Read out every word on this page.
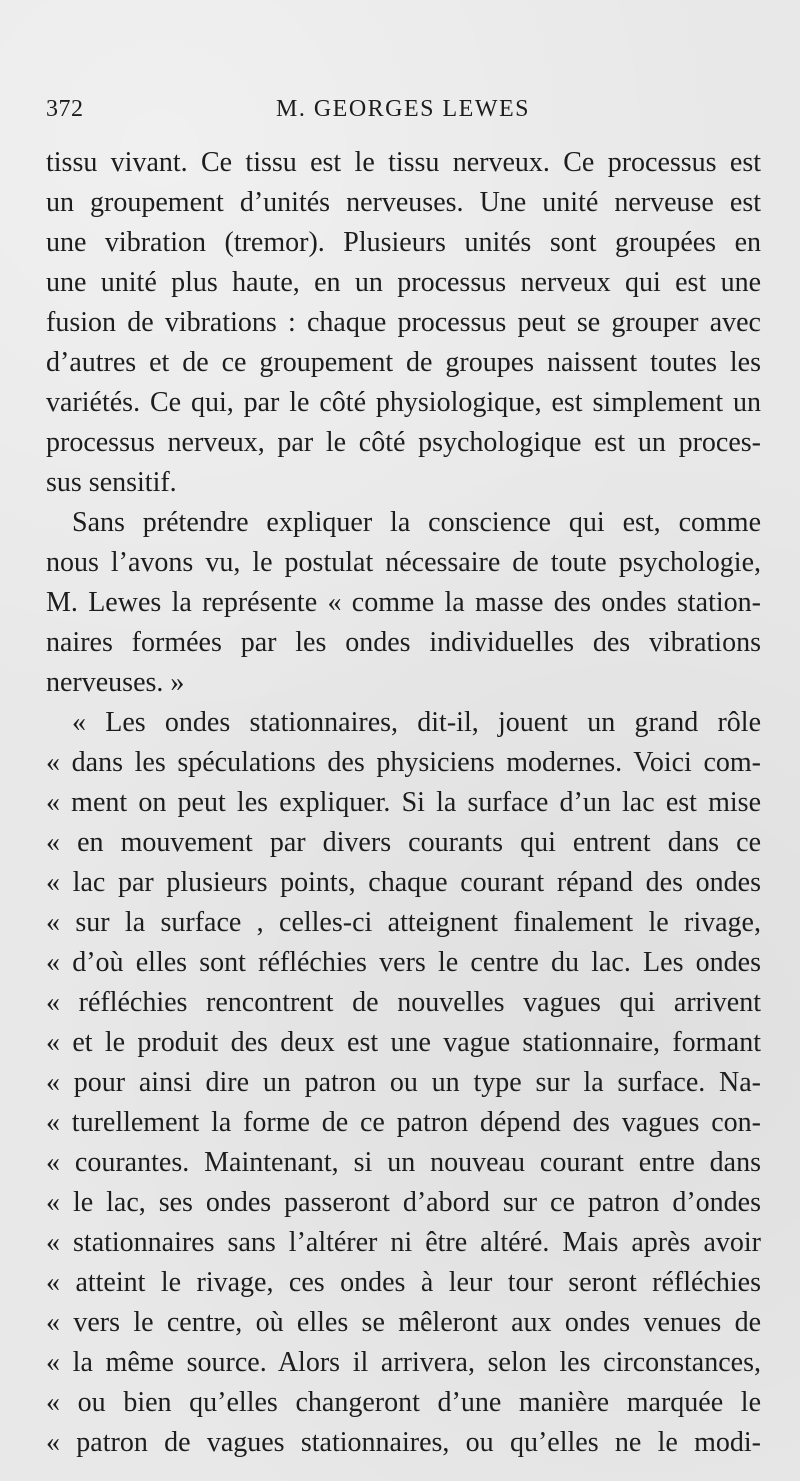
372	M. GEORGES LEWES
tissu vivant. Ce tissu est le tissu nerveux. Ce processus est
un groupement d’unités nerveuses. Une unité nerveuse est
une vibration (tremor). Plusieurs unités sont groupées en
une unité plus haute, en un processus nerveux qui est une
fusion de vibrations : chaque processus peut se grouper avec
d’autres et de ce groupement de groupes naissent toutes les
variétés. Ce qui, par le côté physiologique, est simplement un
processus nerveux, par le côté psychologique est un proces-
sus sensitif.
Sans prétendre expliquer la conscience qui est, comme
nous l’avons vu, le postulat nécessaire de toute psychologie,
M. Lewes la représente « comme la masse des ondes station-
naires formées par les ondes individuelles des vibrations
nerveuses. »
« Les ondes stationnaires, dit-il, jouent un grand rôle
« dans les spéculations des physiciens modernes. Voici com-
« ment on peut les expliquer. Si la surface d’un lac est mise
« en mouvement par divers courants qui entrent dans ce
« lac par plusieurs points, chaque courant répand des ondes
« sur la surface , celles-ci atteignent finalement le rivage,
« d’où elles sont réfléchies vers le centre du lac. Les ondes
« réfléchies rencontrent de nouvelles vagues qui arrivent
« et le produit des deux est une vague stationnaire, formant
« pour ainsi dire un patron ou un type sur la surface. Na-
« turellement la forme de ce patron dépend des vagues con-
« courantes. Maintenant, si un nouveau courant entre dans
« le lac, ses ondes passeront d’abord sur ce patron d’ondes
« stationnaires sans l’altérer ni être altéré. Mais après avoir
« atteint le rivage, ces ondes à leur tour seront réfléchies
« vers le centre, où elles se mêleront aux ondes venues de
« la même source. Alors il arrivera, selon les circonstances,
« ou bien qu’elles changeront d’une manière marquée le
« patron de vagues stationnaires, ou qu’elles ne le modi-
